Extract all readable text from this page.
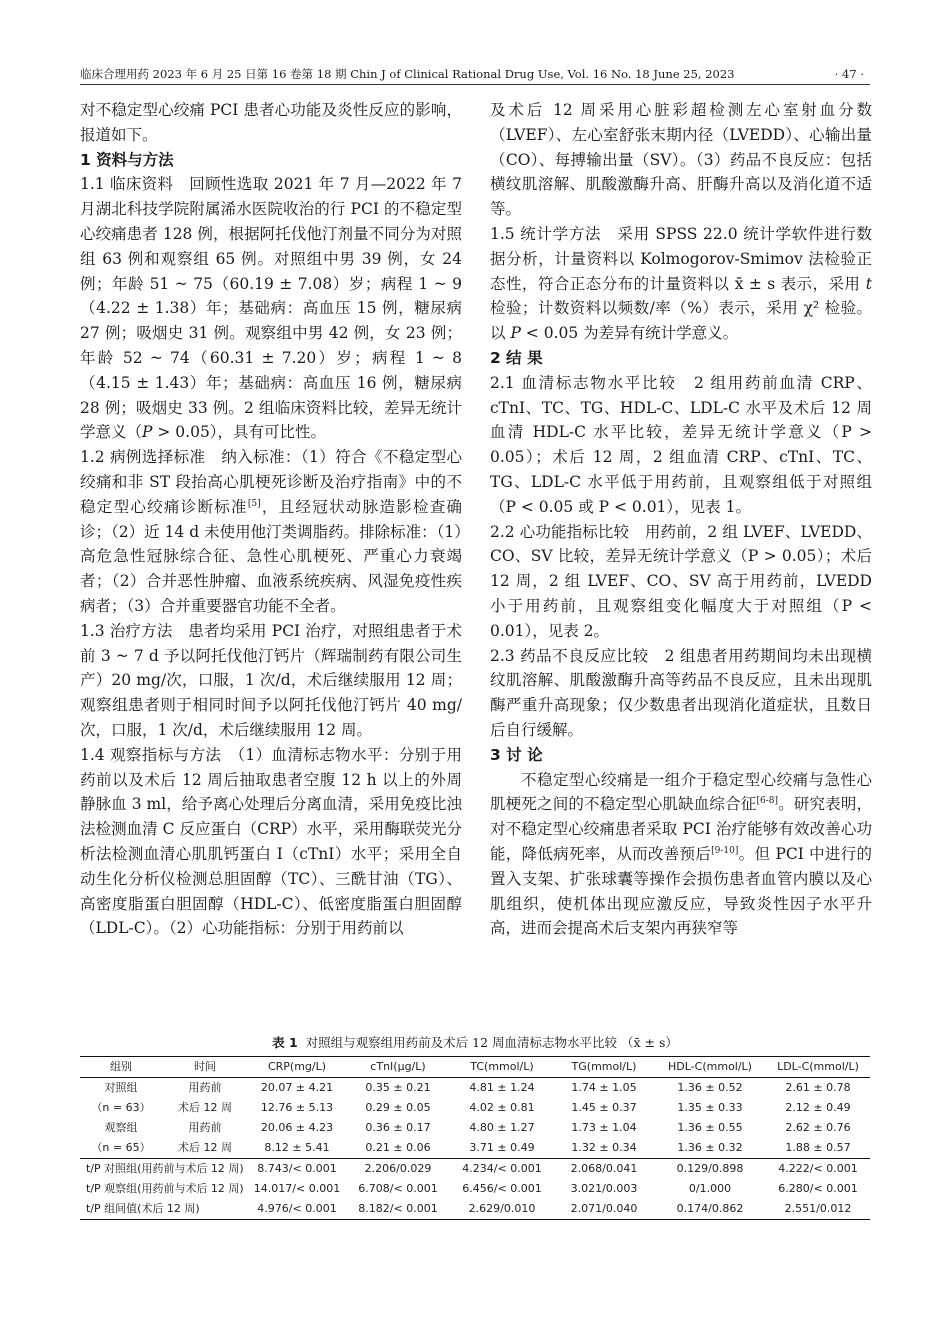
临床合理用药 2023 年 6 月 25 日第 16 卷第 18 期 Chin J of Clinical Rational Drug Use, Vol. 16 No. 18 June 25, 2023	· 47 ·

对不稳定型心绞痛 PCI 患者心功能及炎性反应的影响，报道如下。

1 资料与方法

1.1 临床资料　 回顾性选取 2021 年 7 月—2022 年 7 月湖北科技学院附属浠水医院收治的行 PCI 的不稳定型心绞痛患者 128 例，根据阿托伐他汀剂量不同分为对照组 63 例和观察组 65 例。对照组中男 39 例，女 24 例；年龄 51 ~ 75（60.19 ± 7.08）岁；病程 1 ~ 9（4.22 ± 1.38）年；基础病：高血压 15 例，糖尿病 27 例；吸烟史 31 例。观察组中男 42 例，女 23 例；年龄 52 ~ 74（60.31 ± 7.20）岁；病程 1 ~ 8（4.15 ± 1.43）年；基础病：高血压 16 例，糖尿病 28 例；吸烟史 33 例。2 组临床资料比较，差异无统计学意义（P > 0.05），具有可比性。

1.2 病例选择标准　 纳入标准：（1）符合《不稳定型心绞痛和非 ST 段抬高心肌梗死诊断及治疗指南》中的不稳定型心绞痛诊断标准[5]，且经冠状动脉造影检查确诊；（2）近 14 d 未使用他汀类调脂药。排除标准：（1）高危急性冠脉综合征、急性心肌梗死、严重心力衰竭者；（2）合并恶性肿瘤、血液系统疾病、风湿免疫性疾病者；（3）合并重要器官功能不全者。

1.3 治疗方法　 患者均采用 PCI 治疗，对照组患者于术前 3 ~ 7 d 予以阿托伐他汀钙片（辉瑞制药有限公司生产）20 mg/次，口服，1 次/d，术后继续服用 12 周；观察组患者则于相同时间予以阿托伐他汀钙片 40 mg/次，口服，1 次/d，术后继续服用 12 周。

1.4 观察指标与方法　 （1）血清标志物水平：分别于用药前以及术后 12 周后抽取患者空腹 12 h 以上的外周静脉血 3 ml，给予离心处理后分离血清，采用免疫比浊法检测血清 C 反应蛋白（CRP）水平，采用酶联荧光分析法检测血清心肌肌钙蛋白 I（cTnI）水平；采用全自动生化分析仪检测总胆固醇（TC）、三酰甘油（TG）、高密度脂蛋白胆固醇（HDL-C）、低密度脂蛋白胆固醇（LDL-C）。（2）心功能指标：分别于用药前以

及术后 12 周采用心脏彩超检测左心室射血分数（LVEF）、左心室舒张末期内径（LVEDD）、心输出量（CO）、每搏输出量（SV）。（3）药品不良反应：包括横纹肌溶解、肌酸激酶升高、肝酶升高以及消化道不适等。

1.5 统计学方法　 采用 SPSS 22.0 统计学软件进行数据分析，计量资料以 Kolmogorov-Smimov 法检验正态性，符合正态分布的计量资料以 x̄ ± s 表示，采用 t 检验；计数资料以频数/率（%）表示，采用 χ² 检验。以 P < 0.05 为差异有统计学意义。

2 结 果

2.1 血清标志物水平比较　 2 组用药前血清 CRP、cTnI、TC、TG、HDL-C、LDL-C 水平及术后 12 周血清 HDL-C 水平比较，差异无统计学意义（P > 0.05）；术后 12 周，2 组血清 CRP、cTnI、TC、TG、LDL-C 水平低于用药前，且观察组低于对照组（P < 0.05 或 P < 0.01），见表 1。

2.2 心功能指标比较　 用药前，2 组 LVEF、LVEDD、CO、SV 比较，差异无统计学意义（P > 0.05）；术后 12 周，2 组 LVEF、CO、SV 高于用药前，LVEDD 小于用药前，且观察组变化幅度大于对照组（P < 0.01），见表 2。

2.3 药品不良反应比较　 2 组患者用药期间均未出现横纹肌溶解、肌酸激酶升高等药品不良反应，且未出现肌酶严重升高现象；仅少数患者出现消化道症状，且数日后自行缓解。

3 讨 论

不稳定型心绞痛是一组介于稳定型心绞痛与急性心肌梗死之间的不稳定型心肌缺血综合征[6-8]。研究表明，对不稳定型心绞痛患者采取 PCI 治疗能够有效改善心功能，降低病死率，从而改善预后[9-10]。但 PCI 中进行的置入支架、扩张球囊等操作会损伤患者血管内膜以及心肌组织，使机体出现应激反应，导致炎性因子水平升高，进而会提高术后支架内再狭窄等

表 1 对照组与观察组用药前及术后 12 周血清标志物水平比较 （x̄ ± s）
组别	时间	CRP(mg/L)	cTnI(μg/L)	TC(mmol/L)	TG(mmol/L)	HDL-C(mmol/L)	LDL-C(mmol/L)
对照组	用药前	20.07 ± 4.21	0.35 ± 0.21	4.81 ± 1.24	1.74 ± 1.05	1.36 ± 0.52	2.61 ± 0.78
（n = 63）	术后 12 周	12.76 ± 5.13	0.29 ± 0.05	4.02 ± 0.81	1.45 ± 0.37	1.35 ± 0.33	2.12 ± 0.49
观察组	用药前	20.06 ± 4.23	0.36 ± 0.17	4.80 ± 1.27	1.73 ± 1.04	1.36 ± 0.55	2.62 ± 0.76
（n = 65）	术后 12 周	8.12 ± 5.41	0.21 ± 0.06	3.71 ± 0.49	1.32 ± 0.34	1.36 ± 0.32	1.88 ± 0.57
t/P 对照组(用药前与术后 12 周)		8.743/< 0.001	2.206/0.029	4.234/< 0.001	2.068/0.041	0.129/0.898	4.222/< 0.001
t/P 观察组(用药前与术后 12 周)		14.017/< 0.001	6.708/< 0.001	6.456/< 0.001	3.021/0.003	0/1.000	6.280/< 0.001
t/P 组间值(术后 12 周)		4.976/< 0.001	8.182/< 0.001	2.629/0.010	2.071/0.040	0.174/0.862	2.551/0.012
